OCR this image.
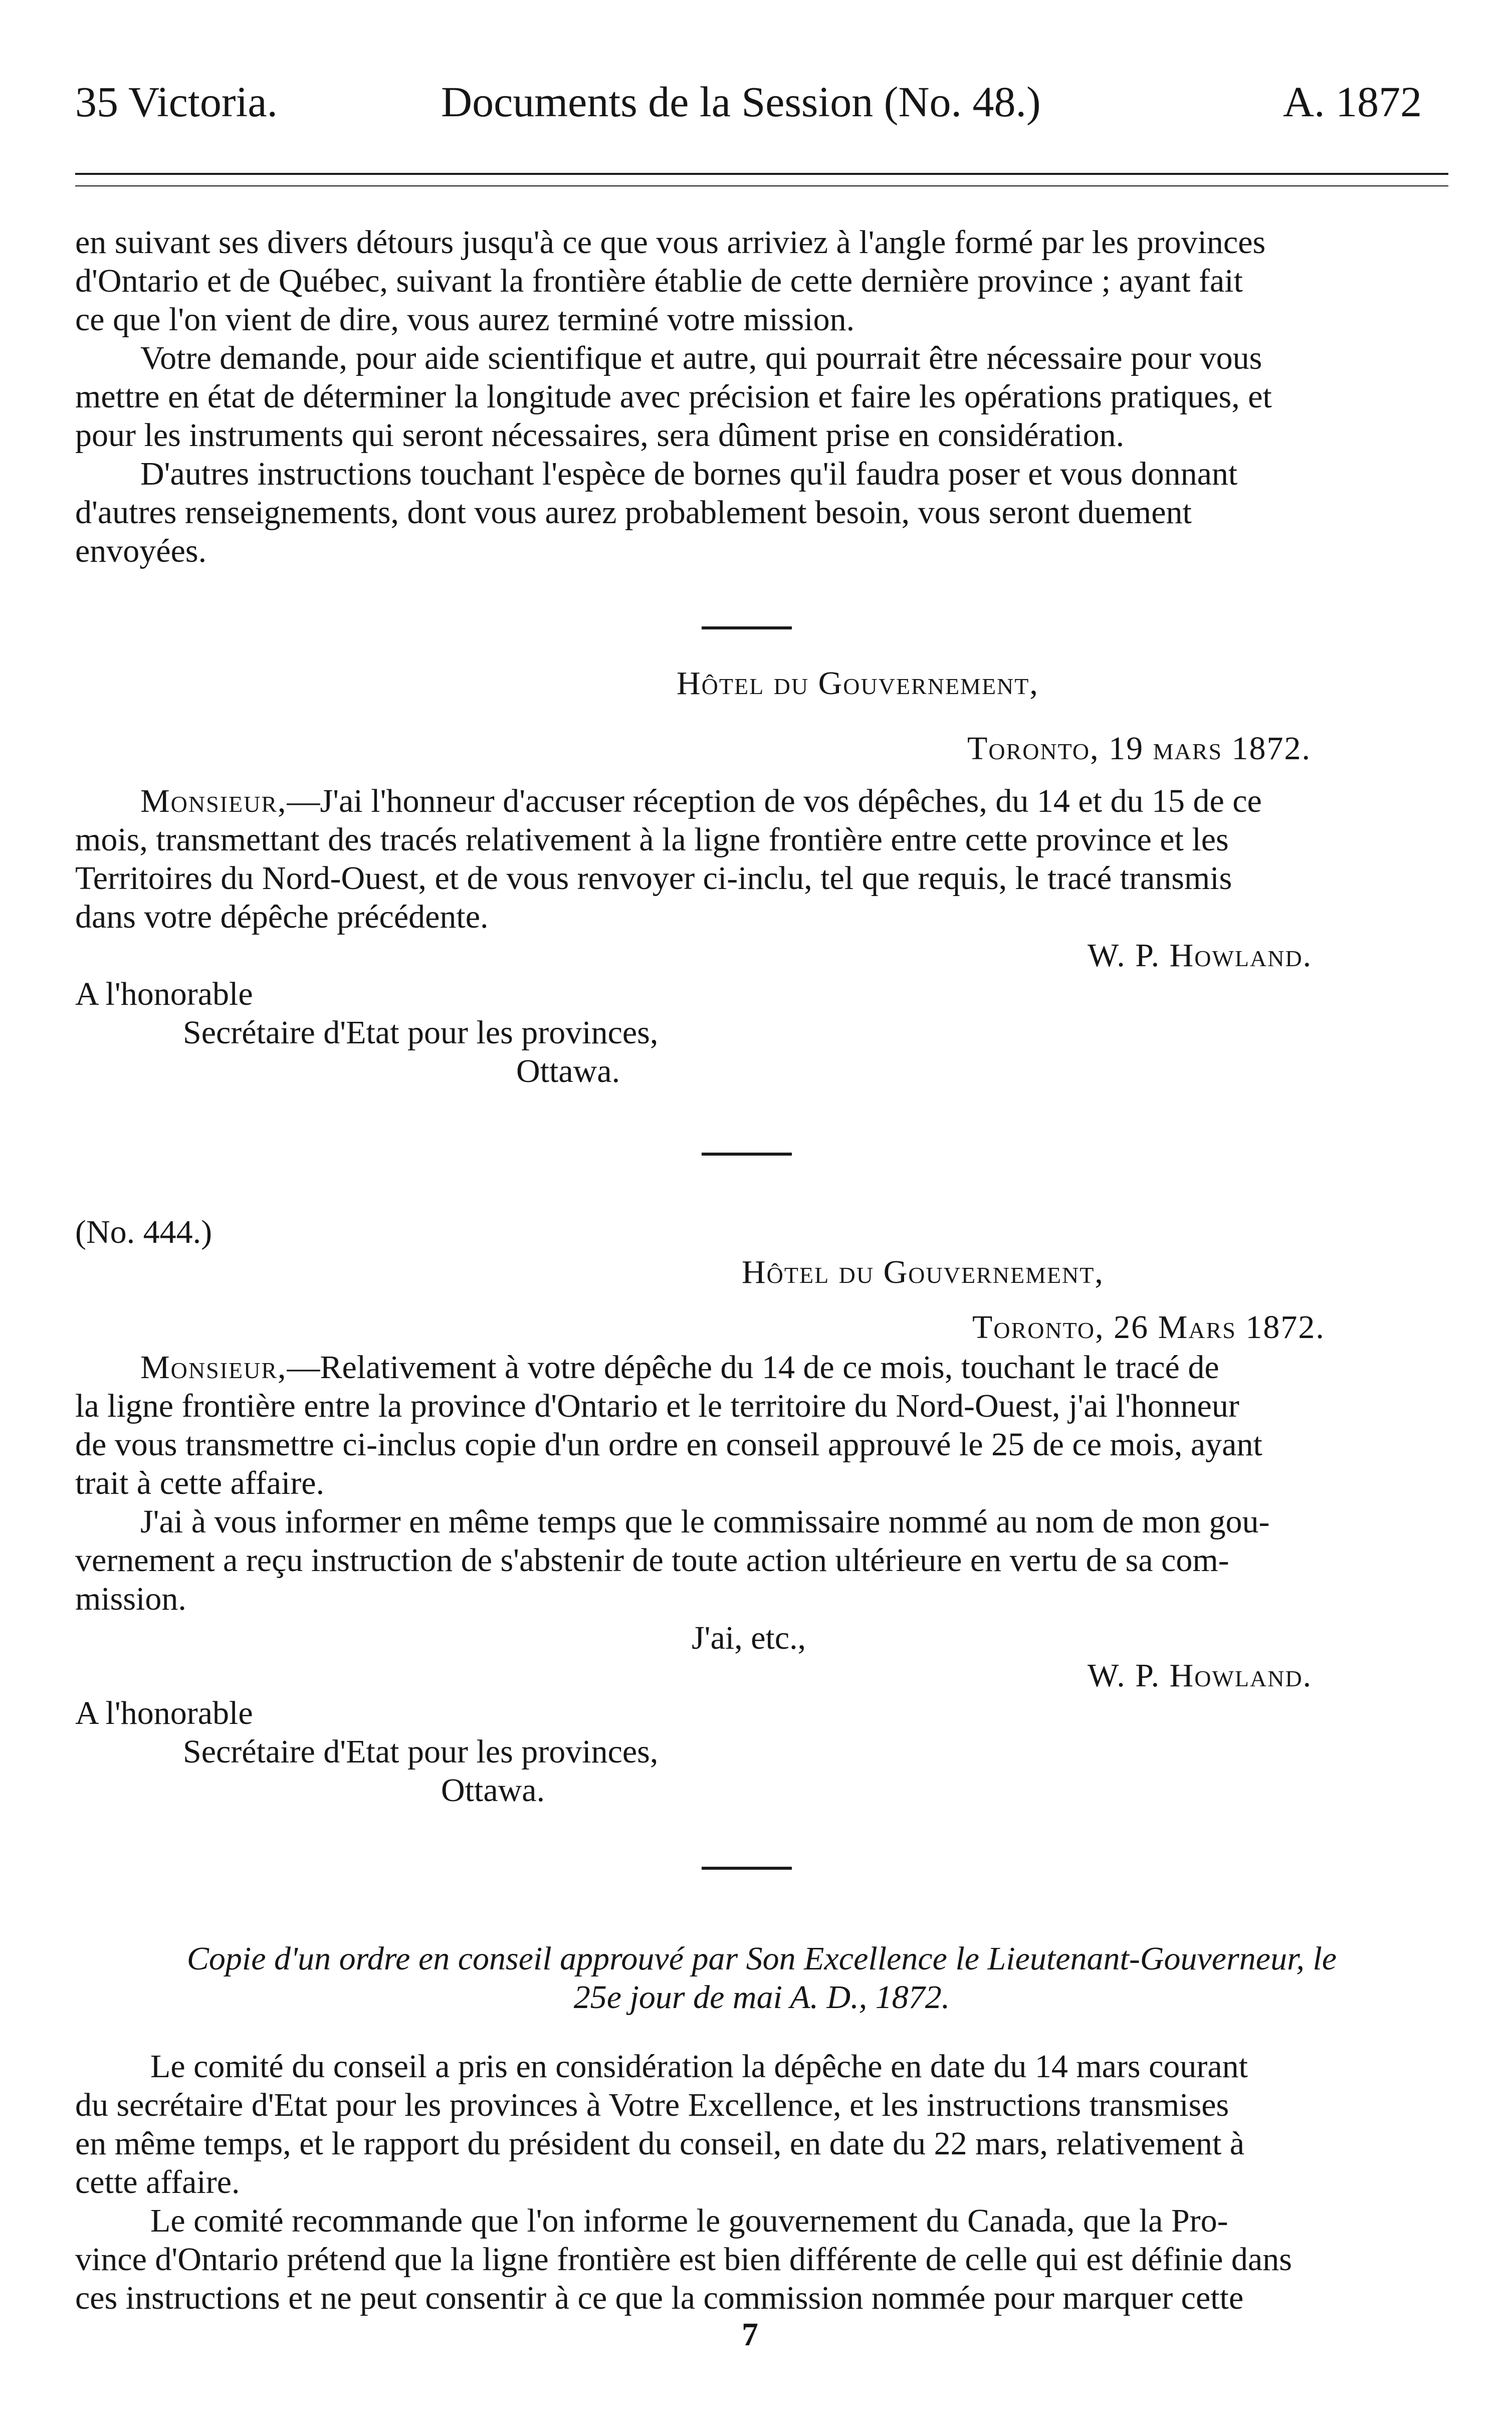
35 Victoria.	Documents de la Session (No. 48.)	A. 1872
en suivant ses divers détours jusqu'à ce que vous arriviez à l'angle formé par les provinces
d'Ontario et de Québec, suivant la frontière établie de cette dernière province ; ayant fait
ce que l'on vient de dire, vous aurez terminé votre mission.
Votre demande, pour aide scientifique et autre, qui pourrait être nécessaire pour vous
mettre en état de déterminer la longitude avec précision et faire les opérations pratiques, et
pour les instruments qui seront nécessaires, sera dûment prise en considération.
D'autres instructions touchant l'espèce de bornes qu'il faudra poser et vous donnant
d'autres renseignements, dont vous aurez probablement besoin, vous seront duement
envoyées.
Hôtel du Gouvernement,
Toronto, 19 mars 1872.
Monsieur,—J'ai l'honneur d'accuser réception de vos dépêches, du 14 et du 15 de ce
mois, transmettant des tracés relativement à la ligne frontière entre cette province et les
Territoires du Nord-Ouest, et de vous renvoyer ci-inclu, tel que requis, le tracé transmis
dans votre dépêche précédente.
W. P. Howland.
A l'honorable
Secrétaire d'Etat pour les provinces,
Ottawa.
(No. 444.)
Hôtel du Gouvernement,
Toronto, 26 Mars 1872.
Monsieur,—Relativement à votre dépêche du 14 de ce mois, touchant le tracé de
la ligne frontière entre la province d'Ontario et le territoire du Nord-Ouest, j'ai l'honneur
de vous transmettre ci-inclus copie d'un ordre en conseil approuvé le 25 de ce mois, ayant
trait à cette affaire.
J'ai à vous informer en même temps que le commissaire nommé au nom de mon gou-
vernement a reçu instruction de s'abstenir de toute action ultérieure en vertu de sa com-
mission.
J'ai, etc.,
W. P. Howland.
A l'honorable
Secrétaire d'Etat pour les provinces,
Ottawa.
Copie d'un ordre en conseil approuvé par Son Excellence le Lieutenant-Gouverneur, le
25e jour de mai A. D., 1872.
Le comité du conseil a pris en considération la dépêche en date du 14 mars courant
du secrétaire d'Etat pour les provinces à Votre Excellence, et les instructions transmises
en même temps, et le rapport du président du conseil, en date du 22 mars, relativement à
cette affaire.
Le comité recommande que l'on informe le gouvernement du Canada, que la Pro-
vince d'Ontario prétend que la ligne frontière est bien différente de celle qui est définie dans
ces instructions et ne peut consentir à ce que la commission nommée pour marquer cette
7
